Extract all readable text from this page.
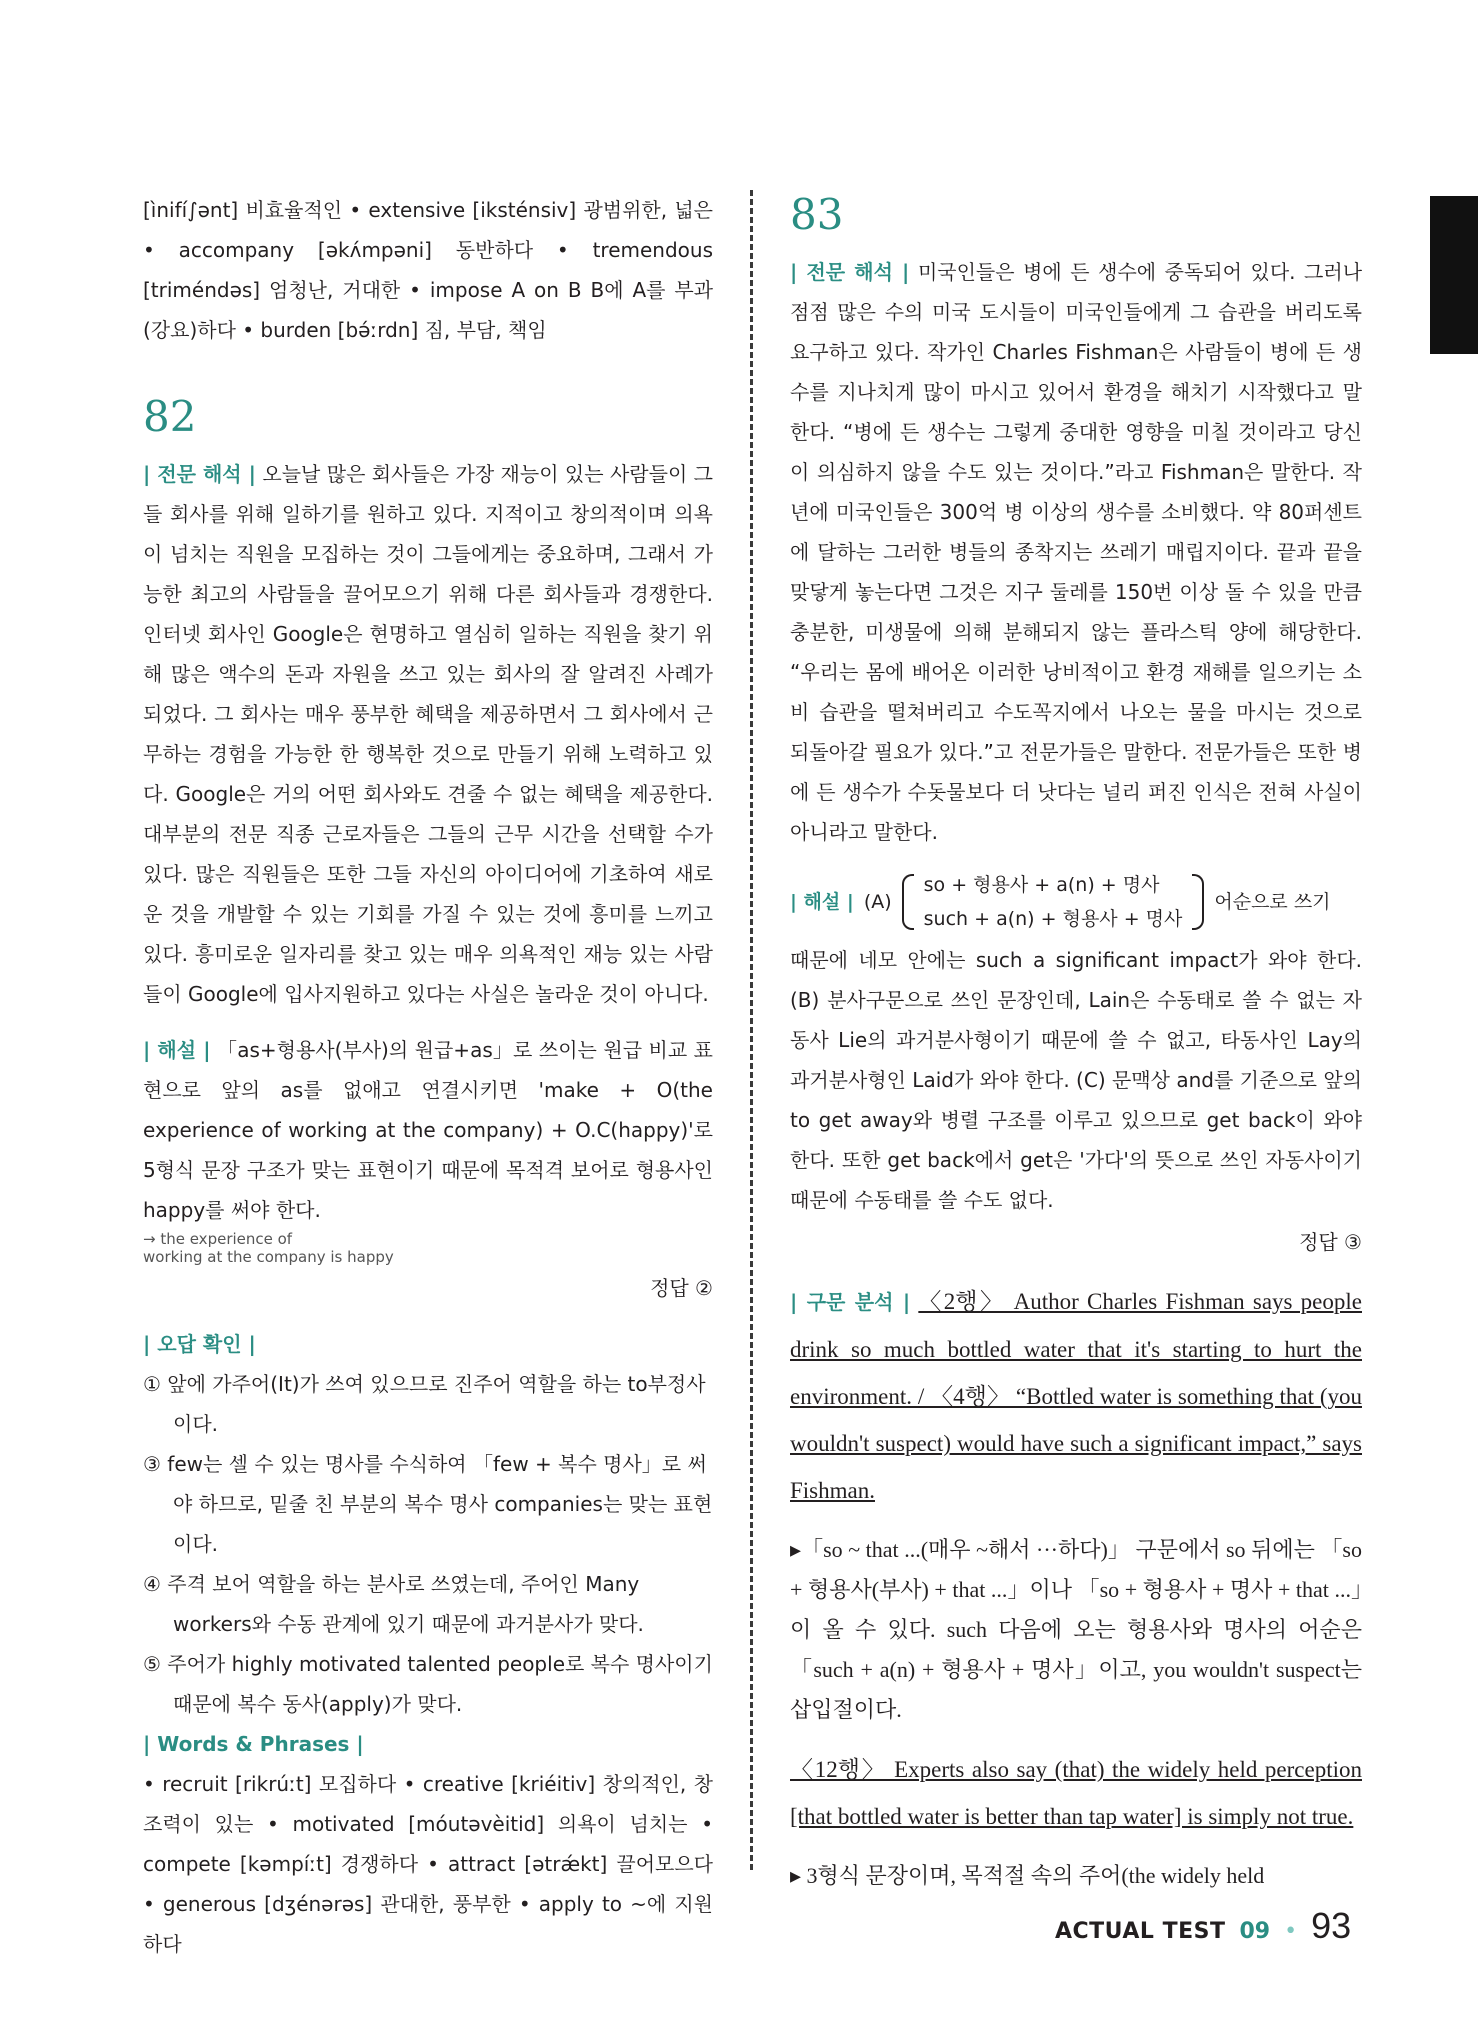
[ìnifí∫ənt] 비효율적인 • extensive [iksténsiv] 광범위한, 넓은 • accompany [əkʌ́mpəni] 동반하다 • tremendous [triméndəs] 엄청난, 거대한 • impose A on B B에 A를 부과(강요)하다 • burden [bə́ːrdn] 짐, 부담, 책임

82

| 전문 해석 | 오늘날 많은 회사들은 가장 재능이 있는 사람들이 그들 회사를 위해 일하기를 원하고 있다. 지적이고 창의적이며 의욕이 넘치는 직원을 모집하는 것이 그들에게는 중요하며, 그래서 가능한 최고의 사람들을 끌어모으기 위해 다른 회사들과 경쟁한다. 인터넷 회사인 Google은 현명하고 열심히 일하는 직원을 찾기 위해 많은 액수의 돈과 자원을 쓰고 있는 회사의 잘 알려진 사례가 되었다. 그 회사는 매우 풍부한 혜택을 제공하면서 그 회사에서 근무하는 경험을 가능한 한 행복한 것으로 만들기 위해 노력하고 있다. Google은 거의 어떤 회사와도 견줄 수 없는 혜택을 제공한다. 대부분의 전문 직종 근로자들은 그들의 근무 시간을 선택할 수가 있다. 많은 직원들은 또한 그들 자신의 아이디어에 기초하여 새로운 것을 개발할 수 있는 기회를 가질 수 있는 것에 흥미를 느끼고 있다. 흥미로운 일자리를 찾고 있는 매우 의욕적인 재능 있는 사람들이 Google에 입사지원하고 있다는 사실은 놀라운 것이 아니다.

| 해설 | 「as+형용사(부사)의 원급+as」로 쓰이는 원급 비교 표현으로 앞의 as를 없애고 연결시키면 'make + O(the experience of working at the company) + O.C(happy)'로 5형식 문장 구조가 맞는 표현이기 때문에 목적격 보어로 형용사인 happy를 써야 한다.

→ the experience of
working at the company is happy

정답 ②

| 오답 확인 |

① 앞에 가주어(It)가 쓰여 있으므로 진주어 역할을 하는 to부정사이다.
③ few는 셀 수 있는 명사를 수식하여 「few + 복수 명사」로 써야 하므로, 밑줄 친 부분의 복수 명사 companies는 맞는 표현이다.
④ 주격 보어 역할을 하는 분사로 쓰였는데, 주어인 Many workers와 수동 관계에 있기 때문에 과거분사가 맞다.
⑤ 주어가 highly motivated talented people로 복수 명사이기 때문에 복수 동사(apply)가 맞다.

| Words & Phrases |

• recruit [rikrúːt] 모집하다 • creative [kriéitiv] 창의적인, 창조력이 있는 • motivated [móutəvèitid] 의욕이 넘치는 • compete [kəmpíːt] 경쟁하다 • attract [ətrǽkt] 끌어모으다 • generous [dʒénərəs] 관대한, 풍부한 • apply to ~에 지원하다

83

| 전문 해석 | 미국인들은 병에 든 생수에 중독되어 있다. 그러나 점점 많은 수의 미국 도시들이 미국인들에게 그 습관을 버리도록 요구하고 있다. 작가인 Charles Fishman은 사람들이 병에 든 생수를 지나치게 많이 마시고 있어서 환경을 해치기 시작했다고 말한다. “병에 든 생수는 그렇게 중대한 영향을 미칠 것이라고 당신이 의심하지 않을 수도 있는 것이다.”라고 Fishman은 말한다. 작년에 미국인들은 300억 병 이상의 생수를 소비했다. 약 80퍼센트에 달하는 그러한 병들의 종착지는 쓰레기 매립지이다. 끝과 끝을 맞닿게 놓는다면 그것은 지구 둘레를 150번 이상 돌 수 있을 만큼 충분한, 미생물에 의해 분해되지 않는 플라스틱 양에 해당한다. “우리는 몸에 배어온 이러한 낭비적이고 환경 재해를 일으키는 소비 습관을 떨쳐버리고 수도꼭지에서 나오는 물을 마시는 것으로 되돌아갈 필요가 있다.”고 전문가들은 말한다. 전문가들은 또한 병에 든 생수가 수돗물보다 더 낫다는 널리 퍼진 인식은 전혀 사실이 아니라고 말한다.

| 해설 | (A)
so + 형용사 + a(n) + 명사
such + a(n) + 형용사 + 명사
어순으로 쓰기

때문에 네모 안에는 such a significant impact가 와야 한다. (B) 분사구문으로 쓰인 문장인데, Lain은 수동태로 쓸 수 없는 자동사 Lie의 과거분사형이기 때문에 쓸 수 없고, 타동사인 Lay의 과거분사형인 Laid가 와야 한다. (C) 문맥상 and를 기준으로 앞의 to get away와 병렬 구조를 이루고 있으므로 get back이 와야 한다. 또한 get back에서 get은 '가다'의 뜻으로 쓰인 자동사이기 때문에 수동태를 쓸 수도 없다.

정답 ③

| 구문 분석 | 〈2행〉 Author Charles Fishman says people drink so much bottled water that it's starting to hurt the environment. / 〈4행〉 “Bottled water is something that (you wouldn't suspect) would have such a significant impact,” says Fishman.

▸「so ~ that ...(매우 ~해서 ···하다)」 구문에서 so 뒤에는 「so + 형용사(부사) + that ...」이나 「so + 형용사 + 명사 + that ...」이 올 수 있다. such 다음에 오는 형용사와 명사의 어순은 「such + a(n) + 형용사 + 명사」이고, you wouldn't suspect는 삽입절이다.

〈12행〉 Experts also say (that) the widely held perception [that bottled water is better than tap water] is simply not true.

▸ 3형식 문장이며, 목적절 속의 주어(the widely held

ACTUAL TEST 09 • 93
